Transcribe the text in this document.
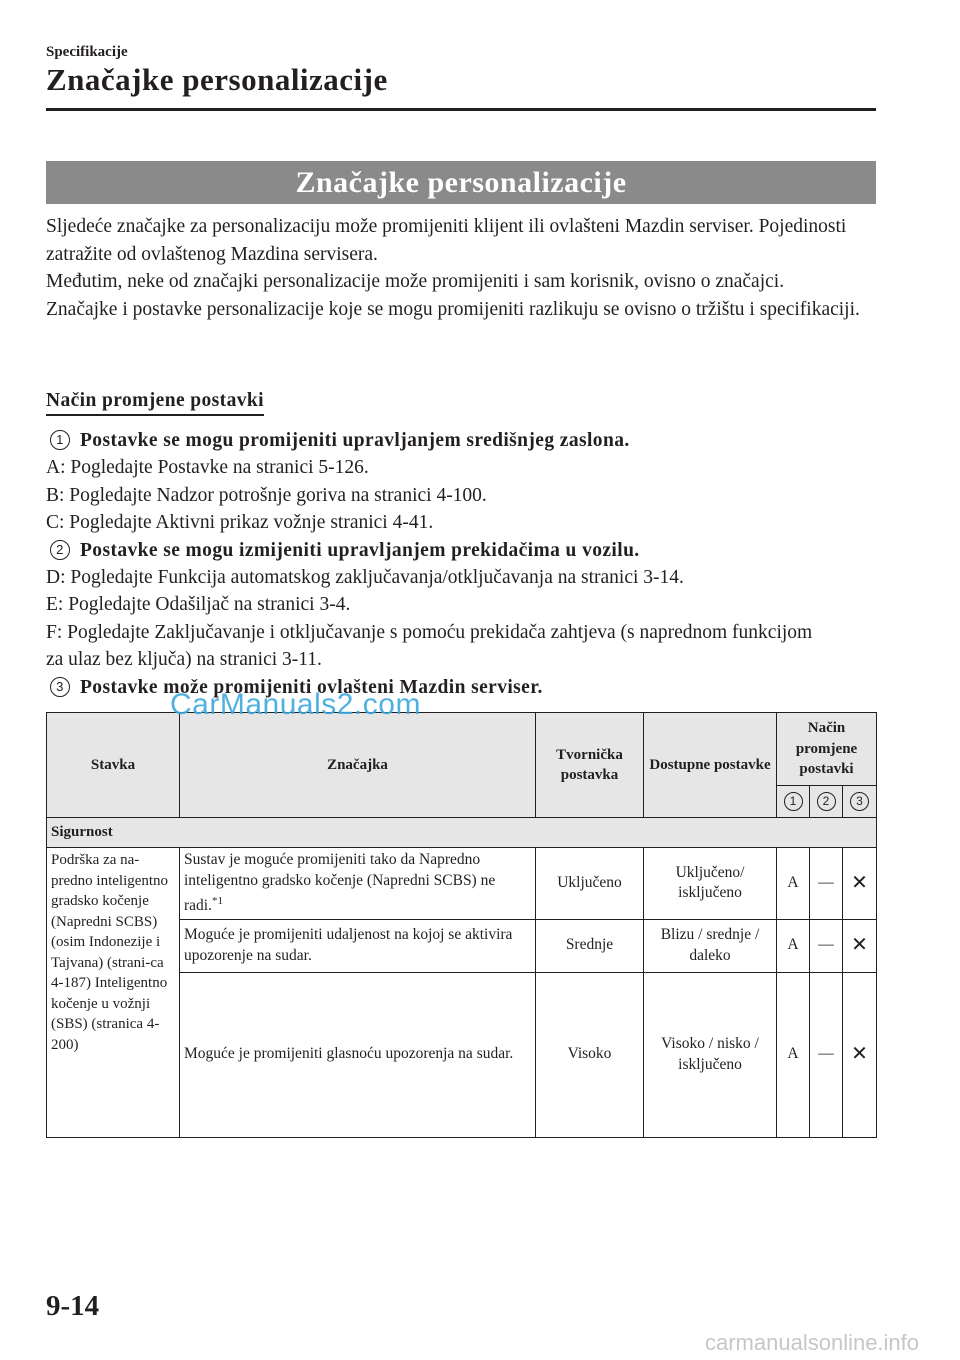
Specifikacije
Značajke personalizacije
Značajke personalizacije

Sljedeće značajke za personalizaciju može promijeniti klijent ili ovlašteni Mazdin serviser. Pojedinosti zatražite od ovlaštenog Mazdina servisera.

Međutim, neke od značajki personalizacije može promijeniti i sam korisnik, ovisno o značajci.

Značajke i postavke personalizacije koje se mogu promijeniti razlikuju se ovisno o tržištu i specifikaciji.

Način promjene postavki
1 Postavke se mogu promijeniti upravljanjem središnjeg zaslona.
A: Pogledajte Postavke na stranici 5-126.
B: Pogledajte Nadzor potrošnje goriva na stranici 4-100.
C: Pogledajte Aktivni prikaz vožnje stranici 4-41.
2 Postavke se mogu izmijeniti upravljanjem prekidačima u vozilu.
D: Pogledajte Funkcija automatskog zaključavanja/otključavanja na stranici 3-14.
E: Pogledajte Odašiljač na stranici 3-4.
F: Pogledajte Zaključavanje i otključavanje s pomoću prekidača zahtjeva (s naprednom funkcijom za ulaz bez ključa) na stranici 3-11.
3 Postavke može promijeniti ovlašteni Mazdin serviser.
Stavka	Značajka	Tvornička postavka	Dostupne postavke	Način promjene postavki		
				1	2	3
Sigurnost						
Podrška za na-predno inteligentno gradsko kočenje (Napredni SCBS) (osim Indonezije i Tajvana) (strani-ca 4-187) Inteligentno kočenje u vožnji (SBS) (stranica 4-200)	Sustav je moguće promijeniti tako da Napredno inteligentno gradsko kočenje (Napredni SCBS) ne radi.$^{*1}$	Uključeno	Uključeno/ isključeno	A	—	✕
	Moguće je promijeniti udaljenost na kojoj se aktivira upozorenje na sudar.	Srednje	Blizu / srednje / daleko	A	—	✕
	Moguće je promijeniti glasnoću upozorenja na sudar.	Visoko	Visoko / nisko / isključeno	A	—	✕
CarManuals2.com
9-14
carmanualsonline.info
